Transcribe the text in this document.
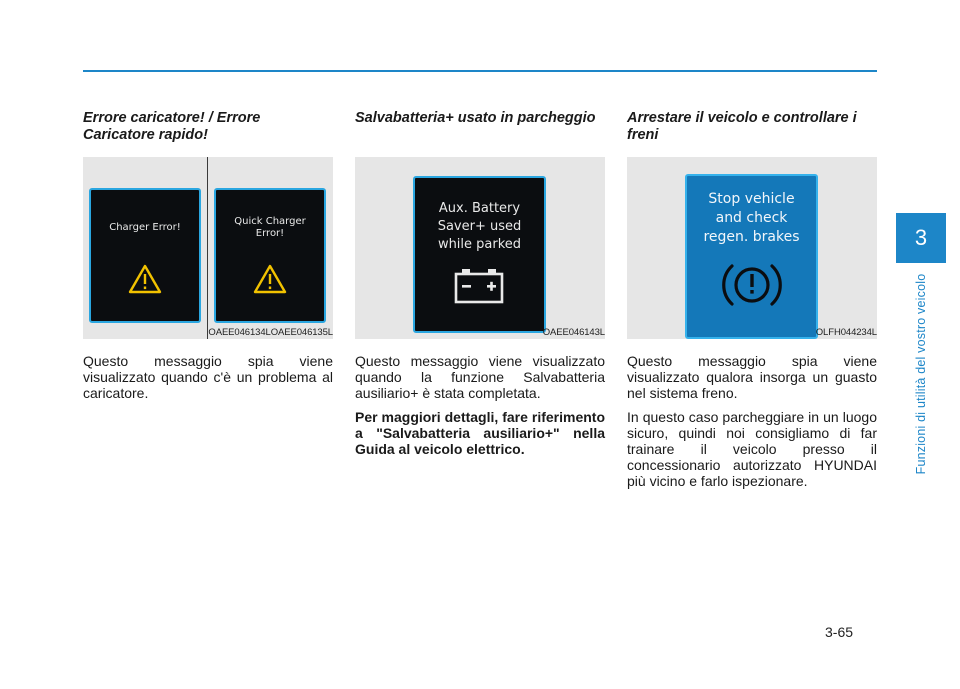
Errore caricatore! / Errore Caricatore rapido!
Charger Error!
Quick Charger Error!
OAEE046134LOAEE046135L

Questo messaggio spia viene visualizzato quando c'è un problema al caricatore.

Salvabatteria+ usato in parcheggio
Aux. Battery Saver+ used while parked
OAEE046143L

Questo messaggio viene visualizzato quando la funzione Salvabatteria ausiliario+ è stata completata.

Per maggiori dettagli, fare riferimento a "Salvabatteria ausiliario+" nella Guida al veicolo elettrico.

Arrestare il veicolo e controllare i freni
Stop vehicle and check regen. brakes
OLFH044234L

Questo messaggio spia viene visualizzato qualora insorga un guasto nel sistema freno.

In questo caso parcheggiare in un luogo sicuro, quindi noi consigliamo di far trainare il veicolo presso il concessionario autorizzato HYUNDAI più vicino e farlo ispezionare.

3
Funzioni di utilità del vostro veicolo
3-65
